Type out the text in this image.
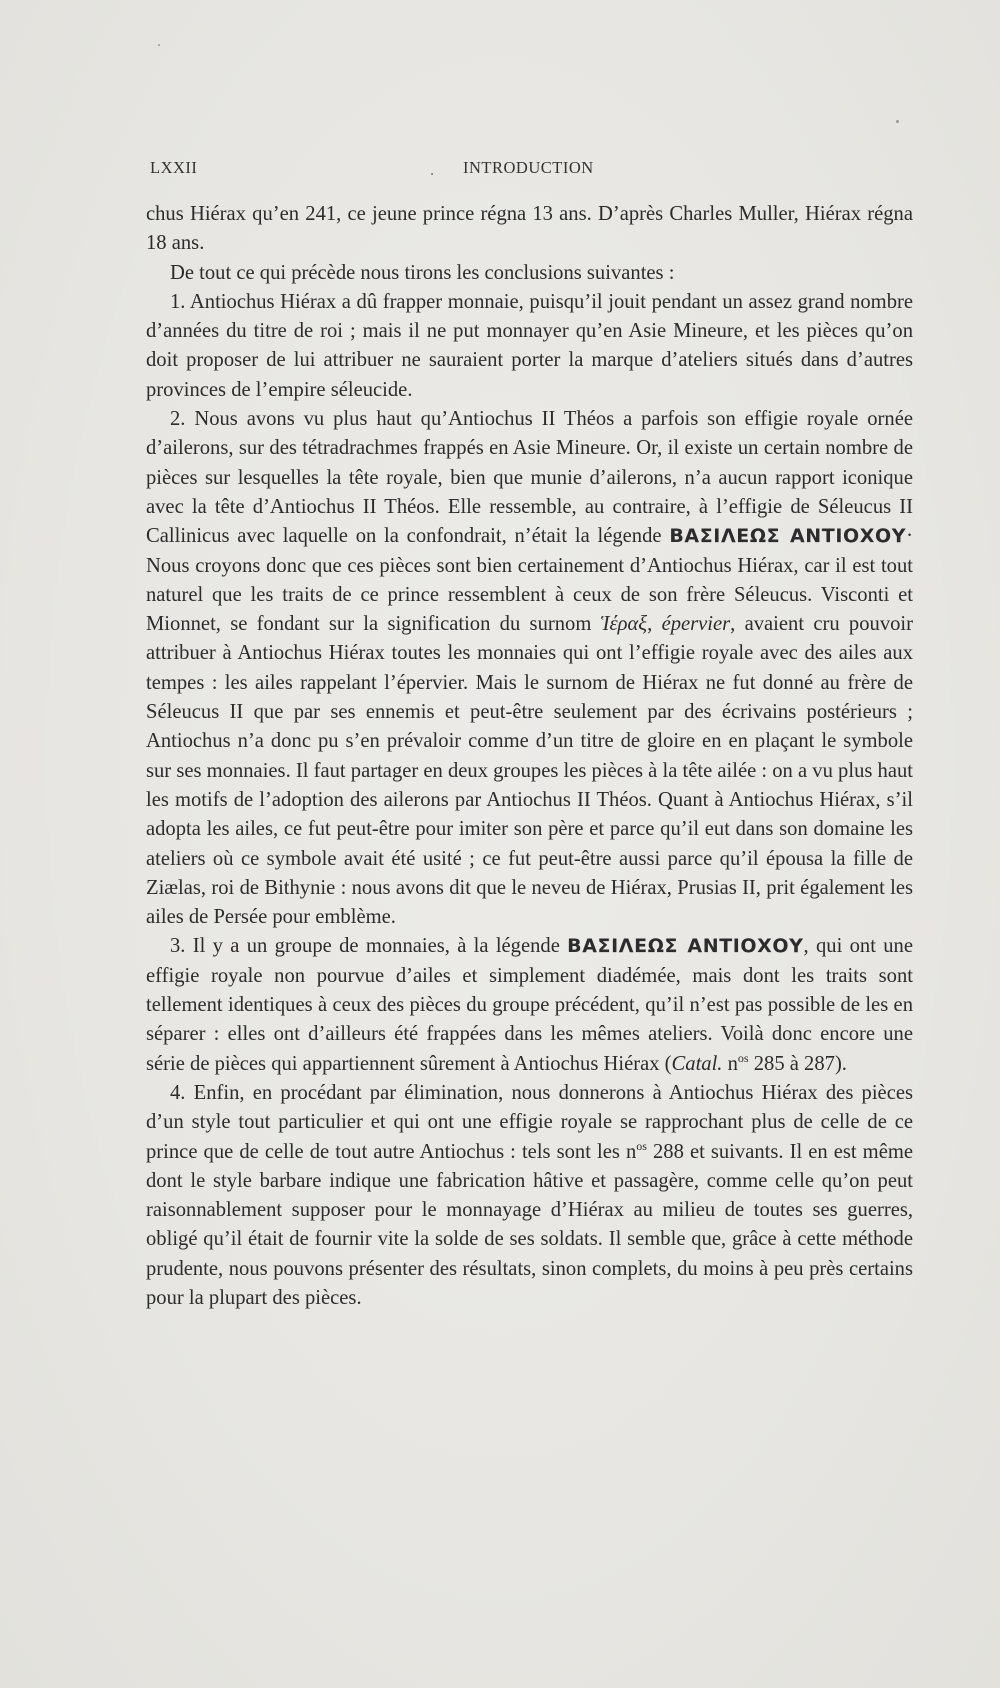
LXXII	. INTRODUCTION

chus Hiérax qu’en 241, ce jeune prince régna 13 ans. D’après Charles Muller, Hiérax régna 18 ans.

De tout ce qui précède nous tirons les conclusions suivantes :

1. Antiochus Hiérax a dû frapper monnaie, puisqu’il jouit pendant un assez grand nombre d’années du titre de roi ; mais il ne put monnayer qu’en Asie Mineure, et les pièces qu’on doit proposer de lui attribuer ne sauraient porter la marque d’ateliers situés dans d’autres provinces de l’empire séleucide.

2. Nous avons vu plus haut qu’Antiochus II Théos a parfois son effigie royale ornée d’ailerons, sur des tétradrachmes frappés en Asie Mineure. Or, il existe un certain nombre de pièces sur lesquelles la tête royale, bien que munie d’ailerons, n’a aucun rapport iconique avec la tête d’Antiochus II Théos. Elle ressemble, au contraire, à l’effigie de Séleucus II Callinicus avec laquelle on la confondrait, n’était la légende ΒΑΣΙΛΕΩΣ ΑΝΤΙΟΧΟΥ· Nous croyons donc que ces pièces sont bien certainement d’Antiochus Hiérax, car il est tout naturel que les traits de ce prince ressemblent à ceux de son frère Séleucus. Visconti et Mionnet, se fondant sur la signification du surnom Ἱέραξ, épervier, avaient cru pouvoir attribuer à Antiochus Hiérax toutes les monnaies qui ont l’effigie royale avec des ailes aux tempes : les ailes rappelant l’épervier. Mais le surnom de Hiérax ne fut donné au frère de Séleucus II que par ses ennemis et peut-être seulement par des écrivains postérieurs ; Antiochus n’a donc pu s’en prévaloir comme d’un titre de gloire en en plaçant le symbole sur ses monnaies. Il faut partager en deux groupes les pièces à la tête ailée : on a vu plus haut les motifs de l’adoption des ailerons par Antiochus II Théos. Quant à Antiochus Hiérax, s’il adopta les ailes, ce fut peut-être pour imiter son père et parce qu’il eut dans son domaine les ateliers où ce symbole avait été usité ; ce fut peut-être aussi parce qu’il épousa la fille de Ziælas, roi de Bithynie : nous avons dit que le neveu de Hiérax, Prusias II, prit également les ailes de Persée pour emblème.

3. Il y a un groupe de monnaies, à la légende ΒΑΣΙΛΕΩΣ ΑΝΤΙΟΧΟΥ, qui ont une effigie royale non pourvue d’ailes et simplement diadémée, mais dont les traits sont tellement identiques à ceux des pièces du groupe précédent, qu’il n’est pas possible de les en séparer : elles ont d’ailleurs été frappées dans les mêmes ateliers. Voilà donc encore une série de pièces qui appartiennent sûrement à Antiochus Hiérax (Catal. $n^{os}$ 285 à 287).

4. Enfin, en procédant par élimination, nous donnerons à Antiochus Hiérax des pièces d’un style tout particulier et qui ont une effigie royale se rapprochant plus de celle de ce prince que de celle de tout autre Antiochus : tels sont les $n^{os}$ 288 et suivants. Il en est même dont le style barbare indique une fabrication hâtive et passagère, comme celle qu’on peut raisonnablement supposer pour le monnayage d’Hiérax au milieu de toutes ses guerres, obligé qu’il était de fournir vite la solde de ses soldats. Il semble que, grâce à cette méthode prudente, nous pouvons présenter des résultats, sinon complets, du moins à peu près certains pour la plupart des pièces.
